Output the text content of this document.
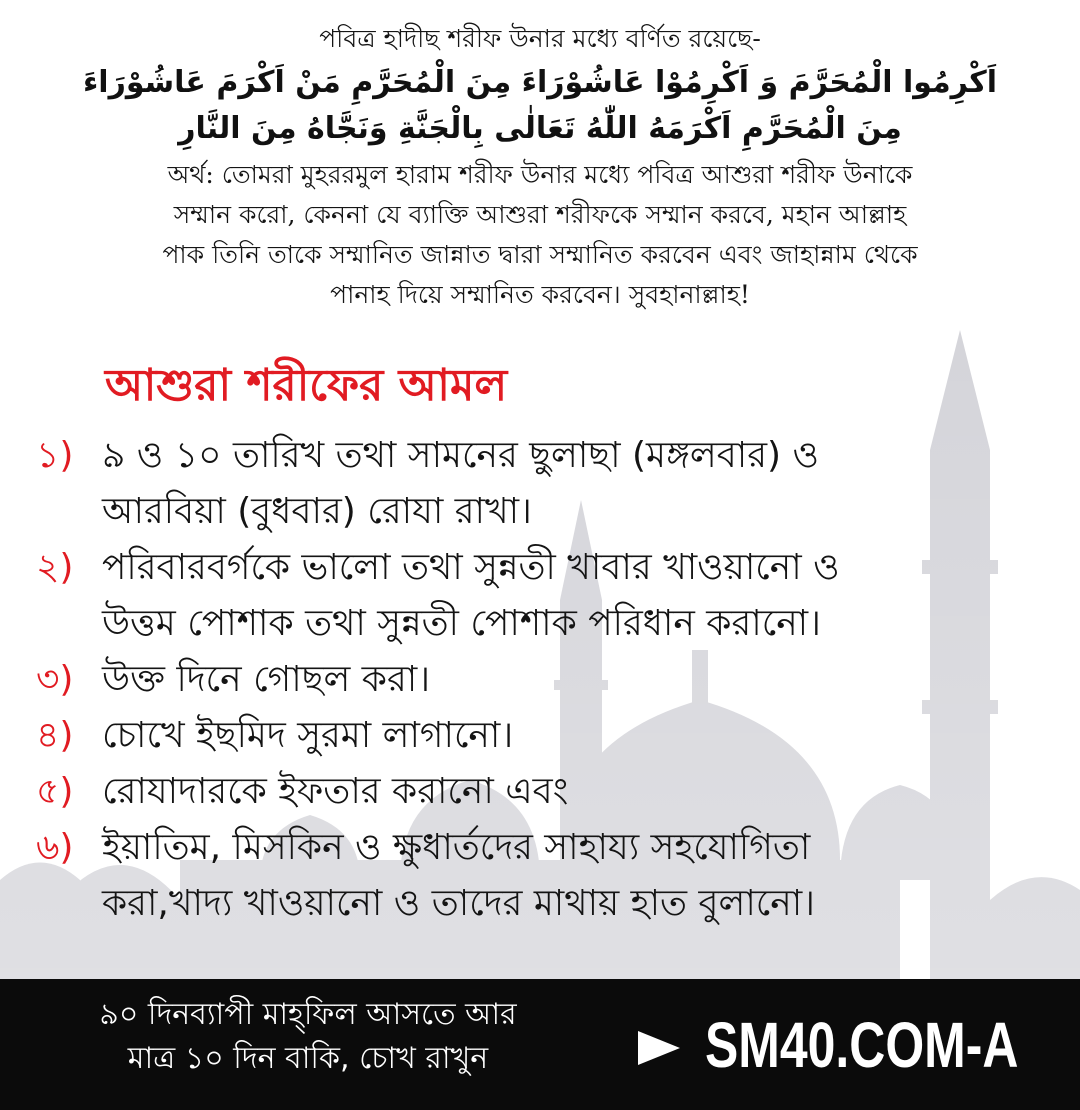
পবিত্র হাদীছ শরীফ উনার মধ্যে বর্ণিত রয়েছে-
اَكْرِمُوا الْمُحَرَّمَ وَ اَكْرِمُوْا عَاشُوْرَاءَ مِنَ الْمُحَرَّمِ مَنْ اَكْرَمَ عَاشُوْرَاءَ
مِنَ الْمُحَرَّمِ اَكْرَمَهُ اللّٰهُ تَعَالٰى بِالْجَنَّةِ وَنَجَّاهُ مِنَ النَّارِ
অর্থ: তোমরা মুহররমুল হারাম শরীফ উনার মধ্যে পবিত্র আশুরা শরীফ উনাকে
সম্মান করো, কেননা যে ব্যাক্তি আশুরা শরীফকে সম্মান করবে, মহান আল্লাহ
পাক তিনি তাকে সম্মানিত জান্নাত দ্বারা সম্মানিত করবেন এবং জাহান্নাম থেকে
পানাহ দিয়ে সম্মানিত করবেন। সুবহানাল্লাহ!
আশুরা শরীফের আমল
১) ৯ ও ১০ তারিখ তথা সামনের ছুলাছা (মঙ্গলবার) ও
আরবিয়া (বুধবার) রোযা রাখা।
২) পরিবারবর্গকে ভালো তথা সুন্নতী খাবার খাওয়ানো ও
উত্তম পোশাক তথা সুন্নতী পোশাক পরিধান করানো।
৩) উক্ত দিনে গোছল করা।
৪) চোখে ইছমিদ সুরমা লাগানো।
৫) রোযাদারকে ইফতার করানো এবং
৬) ইয়াতিম, মিসকিন ও ক্ষুধার্তদের সাহায্য সহযোগিতা
করা,খাদ্য খাওয়ানো ও তাদের মাথায় হাত বুলানো।
৯০ দিনব্যাপী মাহ্‌ফিল আসতে আর
মাত্র ১০ দিন বাকি, চোখ রাখুন	SM40.COM-A
